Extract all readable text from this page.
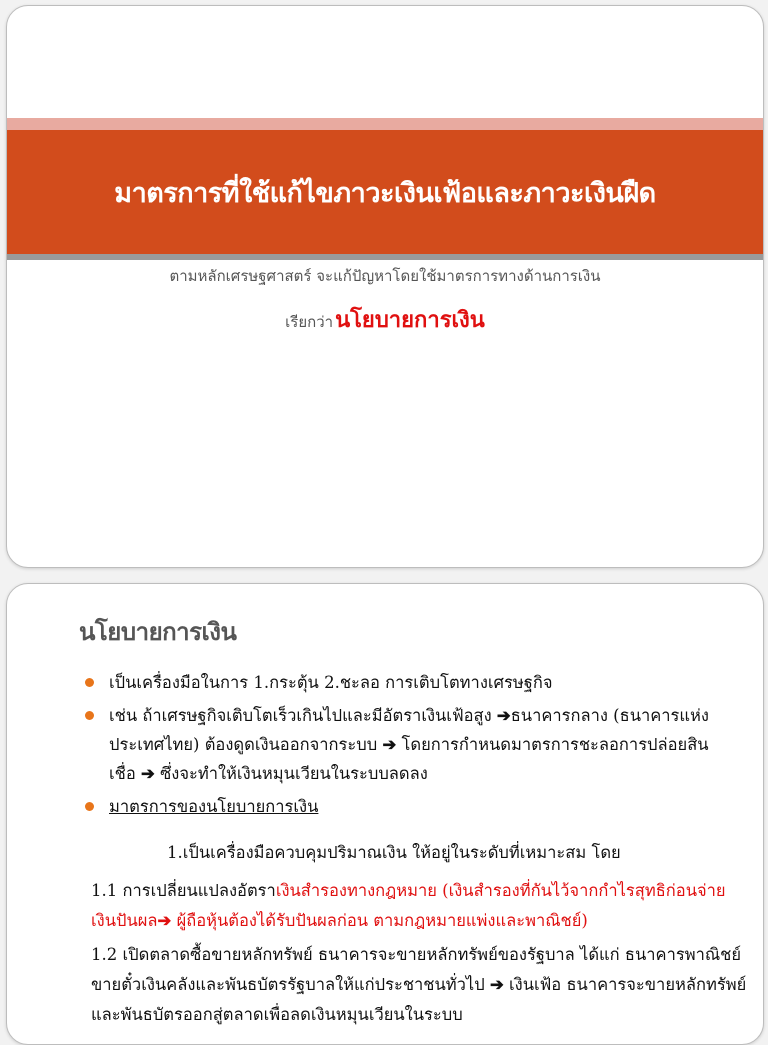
มาตรการที่ใช้แก้ไขภาวะเงินเฟ้อและภาวะเงินฝืด
ตามหลักเศรษฐศาสตร์ จะแก้ปัญหาโดยใช้มาตรการทางด้านการเงิน
เรียกว่านโยบายการเงิน
นโยบายการเงิน
เป็นเครื่องมือในการ 1.กระตุ้น 2.ชะลอ การเติบโตทางเศรษฐกิจ
เช่น ถ้าเศรษฐกิจเติบโตเร็วเกินไปและมีอัตราเงินเฟ้อสูง ➔ธนาคารกลาง (ธนาคารแห่งประเทศไทย) ต้องดูดเงินออกจากระบบ ➔ โดยการกำหนดมาตรการชะลอการปล่อยสินเชื่อ ➔ ซึ่งจะทำให้เงินหมุนเวียนในระบบลดลง
มาตรการของนโยบายการเงิน
1.เป็นเครื่องมือควบคุมปริมาณเงิน ให้อยู่ในระดับที่เหมาะสม โดย
1.1 การเปลี่ยนแปลงอัตราเงินสำรองทางกฎหมาย (เงินสำรองที่กันไว้จากกำไรสุทธิก่อนจ่ายเงินปันผล➔ ผู้ถือหุ้นต้องได้รับปันผลก่อน ตามกฎหมายแพ่งและพาณิชย์)
1.2 เปิดตลาดซื้อขายหลักทรัพย์ ธนาคารจะขายหลักทรัพย์ของรัฐบาล ได้แก่ ธนาคารพาณิชย์ขายตั๋วเงินคลังและพันธบัตรรัฐบาลให้แก่ประชาชนทั่วไป ➔ เงินเฟ้อ ธนาคารจะขายหลักทรัพย์และพันธบัตรออกสู่ตลาดเพื่อลดเงินหมุนเวียนในระบบ
